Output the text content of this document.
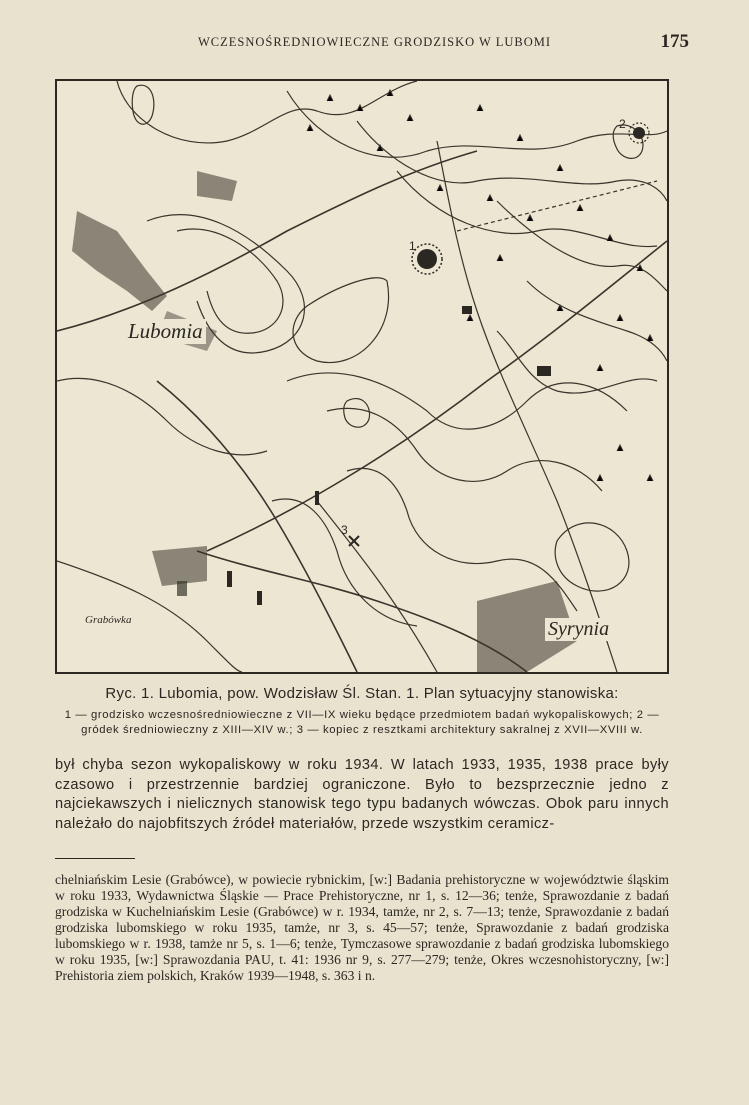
WCZESNOŚREDNIOWIECZNE GRODZISKO W LUBOMI	175
Lubomia
Syrynia
Grabówka
1
2
3
Ryc. 1. Lubomia, pow. Wodzisław Śl. Stan. 1. Plan sytuacyjny stanowiska:
1 — grodzisko wczesnośredniowieczne z VII—IX wieku będące przedmiotem badań wykopaliskowych; 2 — gródek średniowieczny z XIII—XIV w.; 3 — kopiec z resztkami architektury sakralnej z XVII—XVIII w.

był chyba sezon wykopaliskowy w roku 1934. W latach 1933, 1935, 1938 prace były czasowo i przestrzennie bardziej ograniczone. Było to bezsprzecznie jedno z najciekawszych i nielicznych stanowisk tego typu badanych wówczas. Obok paru innych należało do najobfitszych źródeł materiałów, przede wszystkim ceramicz-

chelniańskim Lesie (Grabówce), w powiecie rybnickim, [w:] Badania prehistoryczne w województwie śląskim w roku 1933, Wydawnictwa Śląskie — Prace Prehistoryczne, nr 1, s. 12—36; tenże, Sprawozdanie z badań grodziska w Kuchelniańskim Lesie (Grabówce) w r. 1934, tamże, nr 2, s. 7—13; tenże, Sprawozdanie z badań grodziska lubomskiego w roku 1935, tamże, nr 3, s. 45—57; tenże, Sprawozdanie z badań grodziska lubomskiego w r. 1938, tamże nr 5, s. 1—6; tenże, Tymczasowe sprawozdanie z badań grodziska lubomskiego w roku 1935, [w:] Sprawozdania PAU, t. 41: 1936 nr 9, s. 277—279; tenże, Okres wczesnohistoryczny, [w:] Prehistoria ziem polskich, Kraków 1939—1948, s. 363 i n.
